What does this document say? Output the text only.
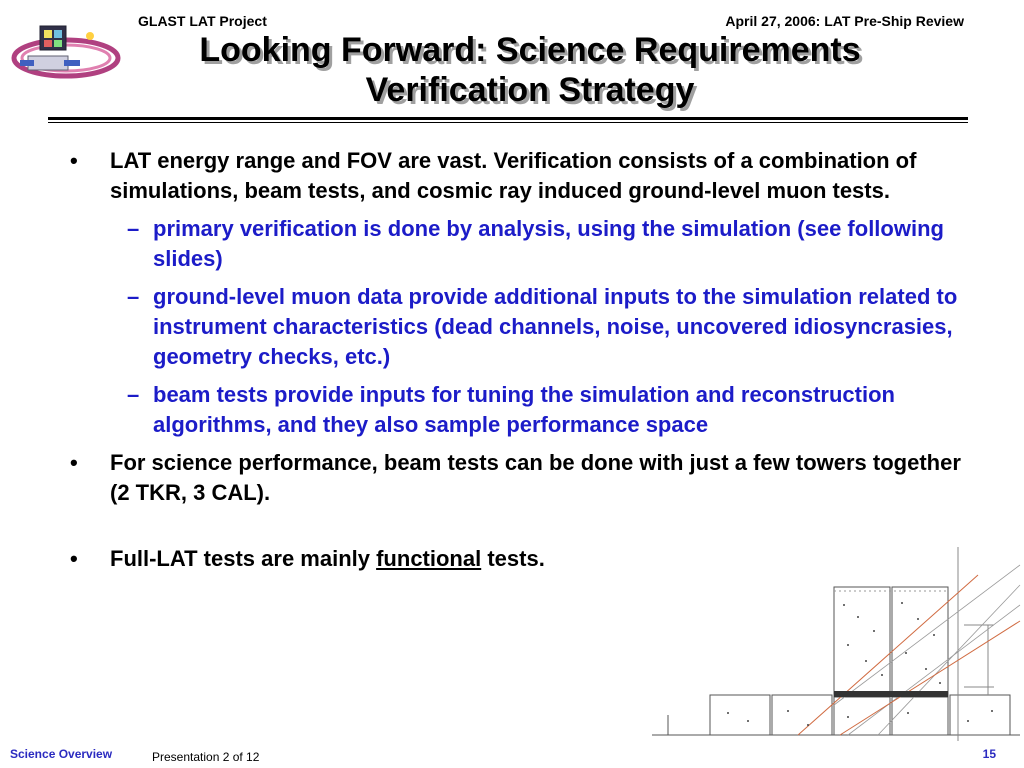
GLAST LAT Project	April 27, 2006: LAT Pre-Ship Review
Looking Forward: Science Requirements
Verification Strategy
• LAT energy range and FOV are vast. Verification consists of a combination of simulations, beam tests, and cosmic ray induced ground-level muon tests.
– primary verification is done by analysis, using the simulation (see following slides)
– ground-level muon data provide additional inputs to the simulation related to instrument characteristics (dead channels, noise, uncovered idiosyncrasies, geometry checks, etc.)
– beam tests provide inputs for tuning the simulation and reconstruction algorithms, and they also sample performance space
• For science performance, beam tests can be done with just a few towers together (2 TKR, 3 CAL).
• Full-LAT tests are mainly functional tests.
Science Overview	Presentation 2 of 12	15
